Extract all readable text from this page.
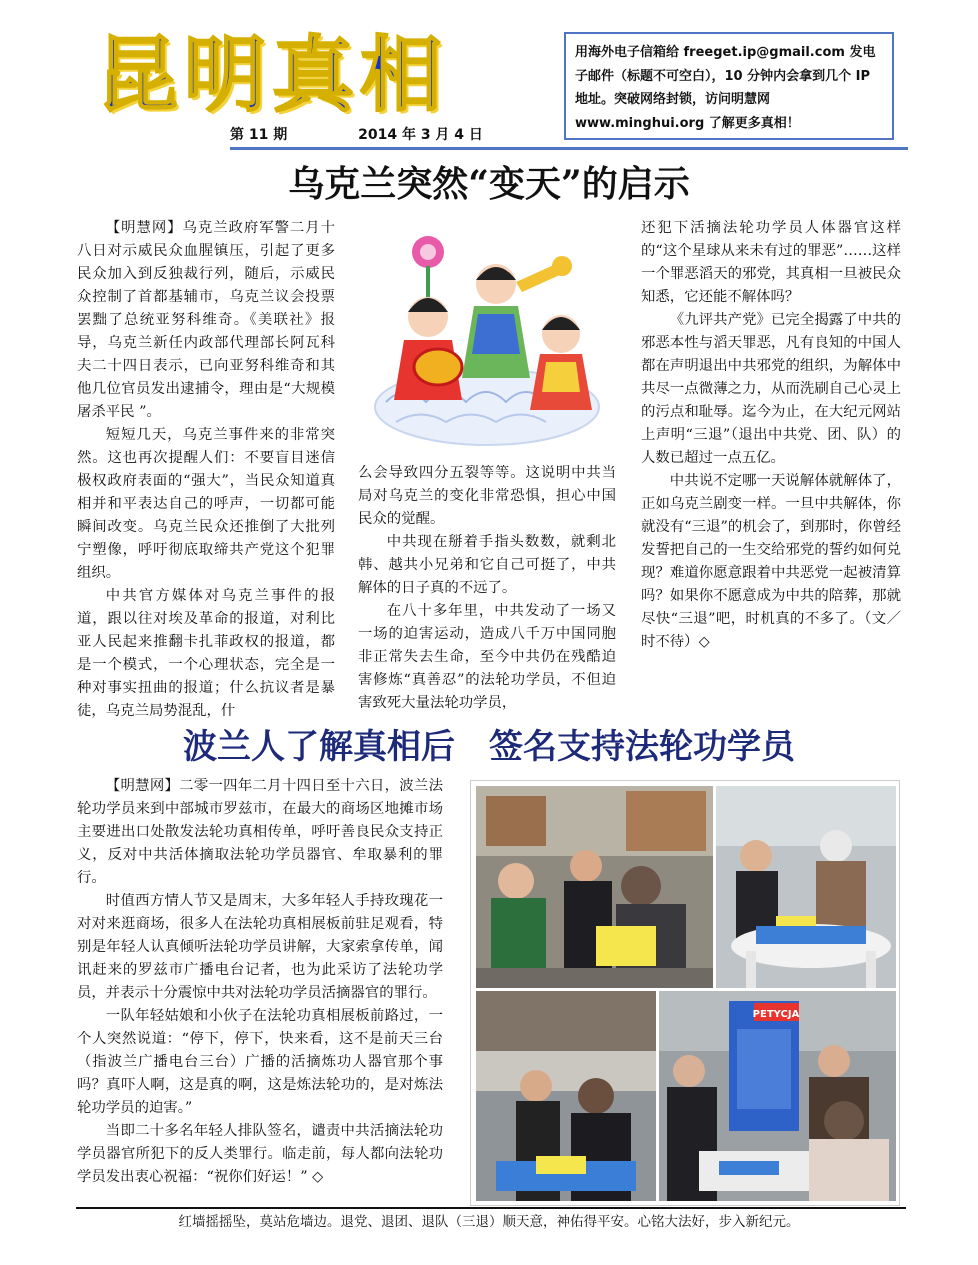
昆明真相
第 11 期	2014 年 3 月 4 日
用海外电子信箱给 freeget.ip@gmail.com 发电子邮件（标题不可空白），10 分钟内会拿到几个 IP 地址。突破网络封锁，访问明慧网 www.minghui.org 了解更多真相！
乌克兰突然“变天”的启示

【明慧网】乌克兰政府军警二月十八日对示威民众血腥镇压，引起了更多民众加入到反独裁行列，随后，示威民众控制了首都基辅市，乌克兰议会投票罢黜了总统亚努科维奇。《美联社》报导，乌克兰新任内政部代理部长阿瓦科夫二十四日表示，已向亚努科维奇和其他几位官员发出逮捕令，理由是“大规模屠杀平民 ”。

短短几天，乌克兰事件来的非常突然。这也再次提醒人们：不要盲目迷信极权政府表面的“强大”，当民众知道真相并和平表达自己的呼声，一切都可能瞬间改变。乌克兰民众还推倒了大批列宁塑像，呼吁彻底取缔共产党这个犯罪组织。

中共官方媒体对乌克兰事件的报道，跟以往对埃及革命的报道，对利比亚人民起来推翻卡扎菲政权的报道，都是一个模式，一个心理状态，完全是一种对事实扭曲的报道；什么抗议者是暴徒，乌克兰局势混乱，什

么会导致四分五裂等等。这说明中共当局对乌克兰的变化非常恐惧，担心中国民众的觉醒。

中共现在掰着手指头数数，就剩北韩、越共小兄弟和它自己可挺了，中共解体的日子真的不远了。

在八十多年里，中共发动了一场又一场的迫害运动，造成八千万中国同胞非正常失去生命，至今中共仍在残酷迫害修炼“真善忍”的法轮功学员，不但迫害致死大量法轮功学员，

还犯下活摘法轮功学员人体器官这样的“这个星球从来未有过的罪恶”……这样一个罪恶滔天的邪党，其真相一旦被民众知悉，它还能不解体吗？

《九评共产党》已完全揭露了中共的邪恶本性与滔天罪恶，凡有良知的中国人都在声明退出中共邪党的组织，为解体中共尽一点微薄之力，从而洗刷自己心灵上的污点和耻辱。迄今为止，在大纪元网站上声明“三退”（退出中共党、团、队）的人数已超过一点五亿。

中共说不定哪一天说解体就解体了，正如乌克兰剧变一样。一旦中共解体，你就没有“三退”的机会了，到那时，你曾经发誓把自己的一生交给邪党的誓约如何兑现？难道你愿意跟着中共恶党一起被清算吗？如果你不愿意成为中共的陪葬，那就尽快“三退”吧，时机真的不多了。（文／时不待）◇

波兰人了解真相后　签名支持法轮功学员

【明慧网】二零一四年二月十四日至十六日，波兰法轮功学员来到中部城市罗兹市，在最大的商场区地摊市场主要进出口处散发法轮功真相传单，呼吁善良民众支持正义，反对中共活体摘取法轮功学员器官、牟取暴利的罪行。

时值西方情人节又是周末，大多年轻人手持玫瑰花一对对来逛商场，很多人在法轮功真相展板前驻足观看，特别是年轻人认真倾听法轮功学员讲解，大家索拿传单，闻讯赶来的罗兹市广播电台记者，也为此采访了法轮功学员，并表示十分震惊中共对法轮功学员活摘器官的罪行。

一队年轻姑娘和小伙子在法轮功真相展板前路过，一个人突然说道：“停下，停下，快来看，这不是前天三台（指波兰广播电台三台）广播的活摘炼功人器官那个事吗？真吓人啊，这是真的啊，这是炼法轮功的，是对炼法轮功学员的迫害。”

当即二十多名年轻人排队签名，谴责中共活摘法轮功学员器官所犯下的反人类罪行。临走前，每人都向法轮功学员发出衷心祝福：“祝你们好运！” ◇

PETYCJA
红墙摇摇坠，莫站危墙边。退党、退团、退队（三退）顺天意，神佑得平安。心铭大法好，步入新纪元。
